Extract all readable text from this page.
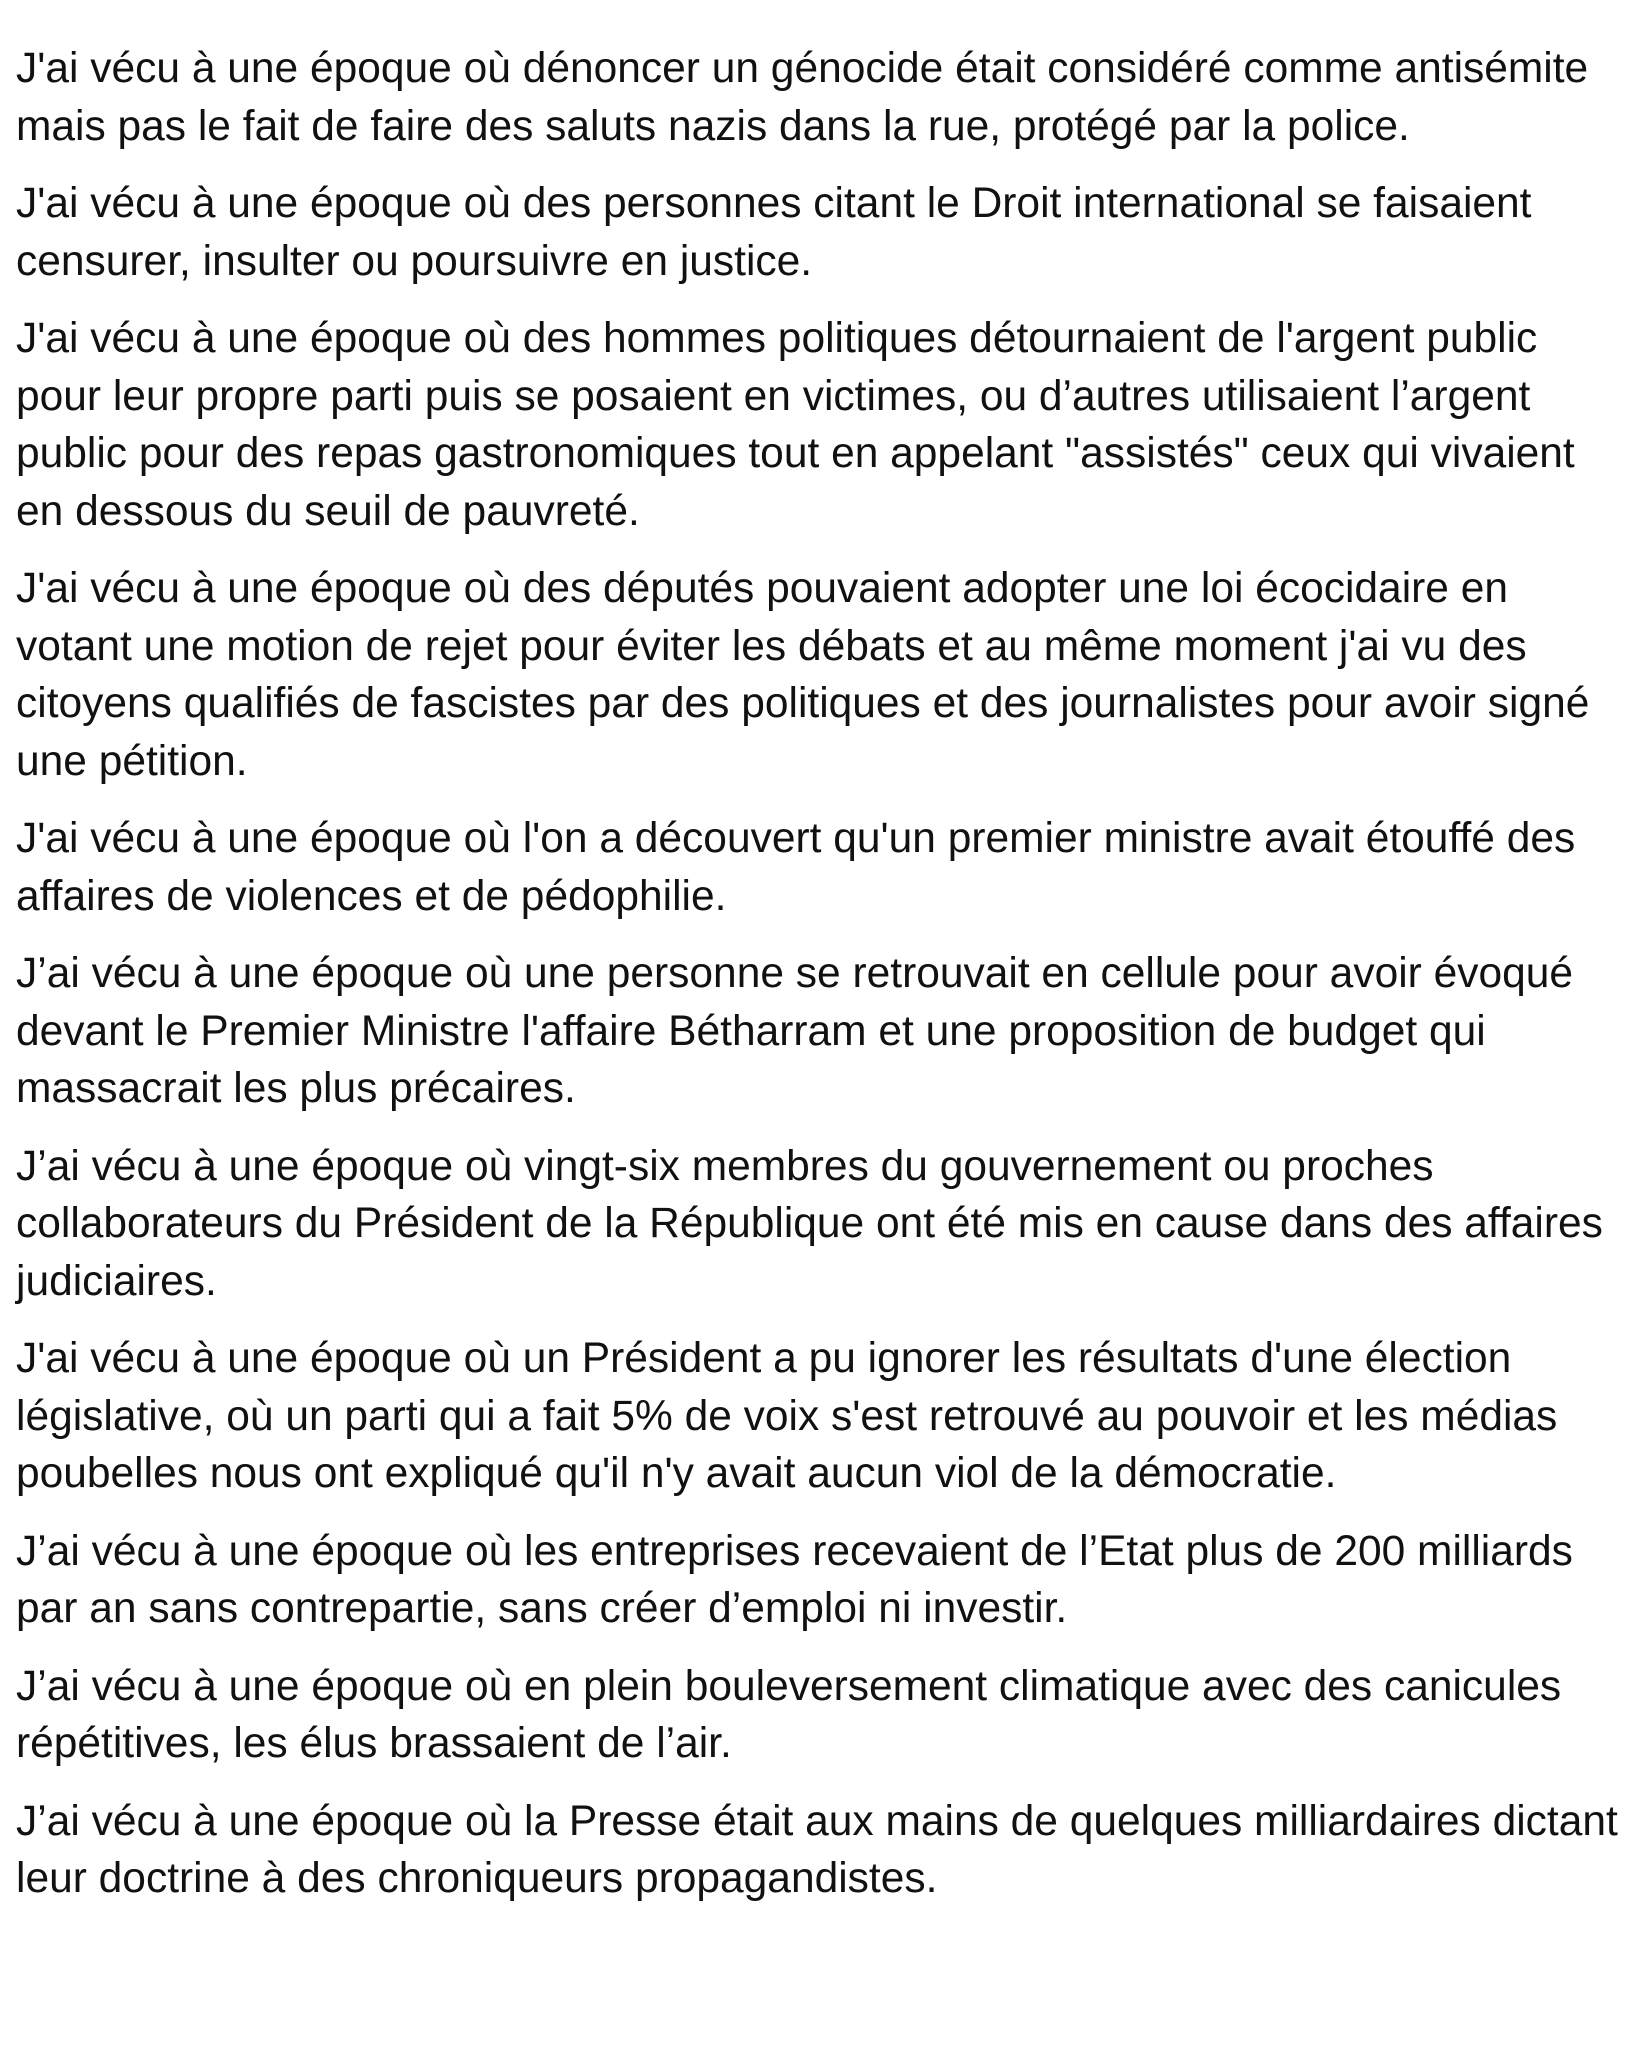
J'ai vécu à une époque où dénoncer un génocide était considéré comme antisémite mais pas le fait de faire des saluts nazis dans la rue, protégé par la police.

J'ai vécu à une époque où des personnes citant le Droit international se faisaient censurer, insulter ou poursuivre en justice.

J'ai vécu à une époque où des hommes politiques détournaient de l'argent public pour leur propre parti puis se posaient en victimes, ou d’autres utilisaient l’argent public pour des repas gastronomiques tout en appelant "assistés" ceux qui vivaient en dessous du seuil de pauvreté.

J'ai vécu à une époque où des députés pouvaient adopter une loi écocidaire en votant une motion de rejet pour éviter les débats et au même moment j'ai vu des citoyens qualifiés de fascistes par des politiques et des journalistes pour avoir signé une pétition.

J'ai vécu à une époque où l'on a découvert qu'un premier ministre avait étouffé des affaires de violences et de pédophilie.

J’ai vécu à une époque où une personne se retrouvait en cellule pour avoir évoqué devant le Premier Ministre l'affaire Bétharram et une proposition de budget qui massacrait les plus précaires.

J’ai vécu à une époque où vingt-six membres du gouvernement ou proches collaborateurs du Président de la République ont été mis en cause dans des affaires judiciaires.

J'ai vécu à une époque où un Président a pu ignorer les résultats d'une élection législative, où un parti qui a fait 5% de voix s'est retrouvé au pouvoir et les médias poubelles nous ont expliqué qu'il n'y avait aucun viol de la démocratie.

J’ai vécu à une époque où les entreprises recevaient de l’Etat plus de 200 milliards par an sans contrepartie, sans créer d’emploi ni investir.

J’ai vécu à une époque où en plein bouleversement climatique avec des canicules répétitives, les élus brassaient de l’air.

J’ai vécu à une époque où la Presse était aux mains de quelques milliardaires dictant leur doctrine à des chroniqueurs propagandistes.
